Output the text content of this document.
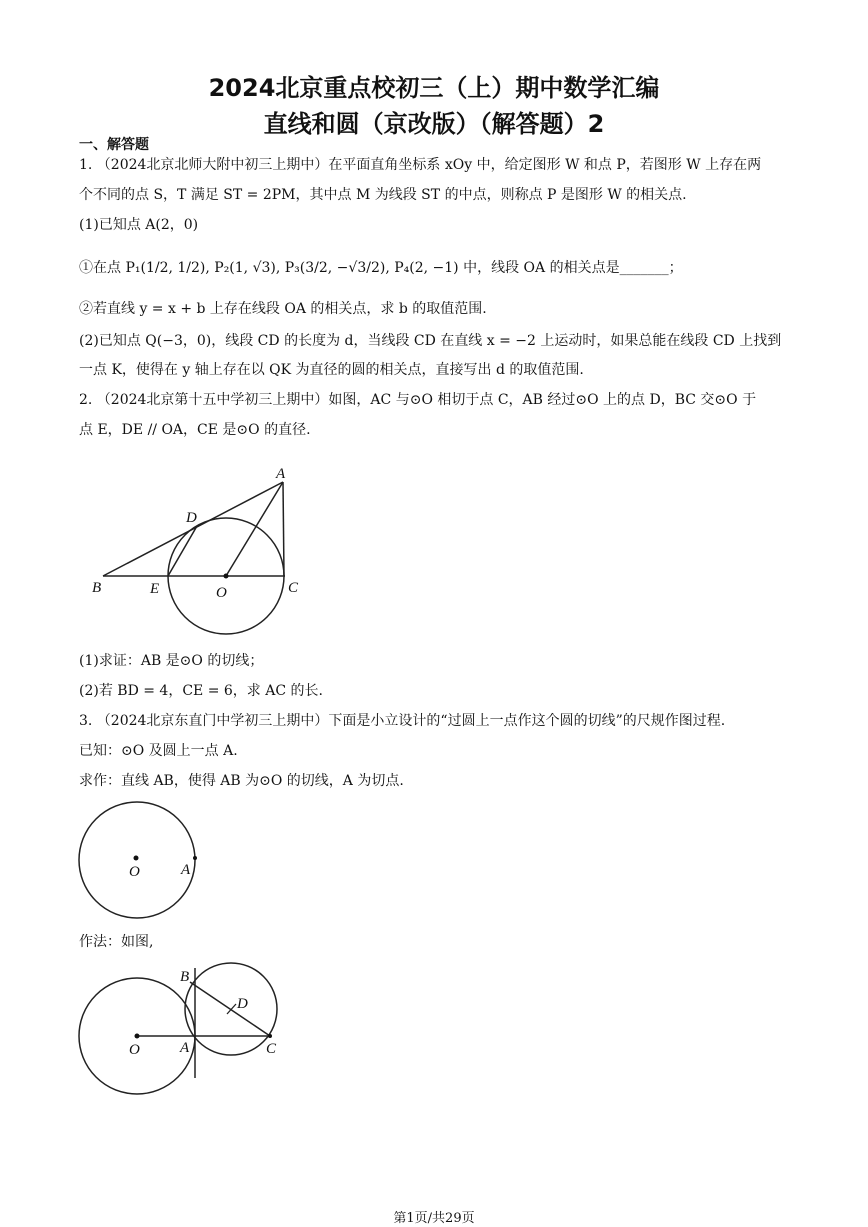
2024北京重点校初三（上）期中数学汇编
直线和圆（京改版）（解答题）2
一、解答题
1. （2024北京北师大附中初三上期中）在平面直角坐标系 xOy 中，给定图形 W 和点 P，若图形 W 上存在两
个不同的点 S，T 满足 ST = 2PM，其中点 M 为线段 ST 的中点，则称点 P 是图形 W 的相关点.
(1)已知点 A(2，0)
①在点 P₁(1/2, 1/2), P₂(1, √3), P₃(3/2, −√3/2), P₄(2, −1) 中，线段 OA 的相关点是_______；
②若直线 y = x + b 上存在线段 OA 的相关点，求 b 的取值范围.
(2)已知点 Q(−3，0)，线段 CD 的长度为 d，当线段 CD 在直线 x = −2 上运动时，如果总能在线段 CD 上找到
一点 K，使得在 y 轴上存在以 QK 为直径的圆的相关点，直接写出 d 的取值范围.
2. （2024北京第十五中学初三上期中）如图，AC 与⊙O 相切于点 C，AB 经过⊙O 上的点 D，BC 交⊙O 于
点 E，DE // OA，CE 是⊙O 的直径.
A
B	C
D
E	O
(1)求证：AB 是⊙O 的切线；
(2)若 BD = 4，CE = 6，求 AC 的长.
3. （2024北京东直门中学初三上期中）下面是小立设计的“过圆上一点作这个圆的切线”的尺规作图过程.
已知：⊙O 及圆上一点 A.
求作：直线 AB，使得 AB 为⊙O 的切线，A 为切点.
O	A
作法：如图,
O	A
B
C
D
第1页/共29页
